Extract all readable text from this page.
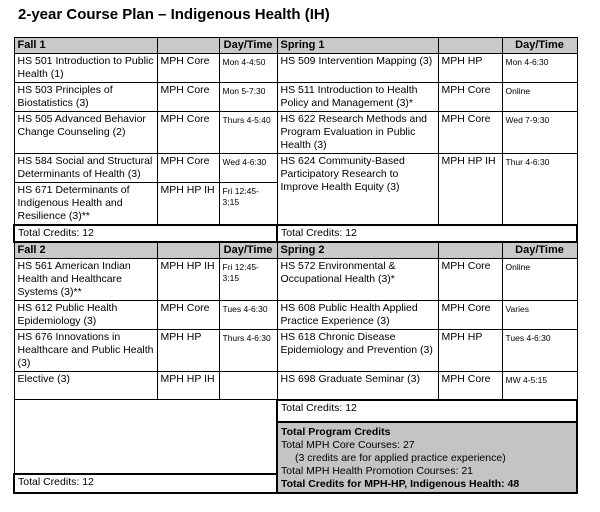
2-year Course Plan – Indigenous Health (IH)
Fall 1		Day/Time	Spring 1		Day/Time
HS 501 Introduction to Public Health (1)	MPH Core	Mon 4-4:50	HS 509 Intervention Mapping (3)	MPH HP	Mon 4-6:30
HS 503 Principles of Biostatistics (3)	MPH Core	Mon 5-7:30	HS 511 Introduction to Health Policy and Management (3)*	MPH Core	Online
HS 505 Advanced Behavior Change Counseling (2)	MPH Core	Thurs 4-5:40	HS 622 Research Methods and Program Evaluation in Public Health (3)	MPH Core	Wed 7-9:30
HS 584 Social and Structural Determinants of Health (3)	MPH Core	Wed 4-6:30	HS 624 Community-Based Participatory Research to Improve Health Equity (3)	MPH HP IH	Thur 4-6:30
HS 671 Determinants of Indigenous Health and Resilience (3)**	MPH HP IH	Fri 12:45-3:15			
Total Credits: 12			Total Credits: 12		
Fall 2		Day/Time	Spring 2		Day/Time
HS 561 American Indian Health and Healthcare Systems (3)**	MPH HP IH	Fri 12:45-3:15	HS 572 Environmental & Occupational Health (3)*	MPH Core	Online
HS 612 Public Health Epidemiology (3)	MPH Core	Tues 4-6:30	HS 608 Public Health Applied Practice Experience (3)	MPH Core	Varies
HS 676 Innovations in Healthcare and Public Health (3)	MPH HP	Thurs 4-6:30	HS 618 Chronic Disease Epidemiology and Prevention (3)	MPH HP	Tues 4-6:30
Elective (3)	MPH HP IH		HS 698 Graduate Seminar (3)	MPH Core	MW 4-5:15
			Total Credits: 12		

			Total Program Credits
Total MPH Core Courses: 27
(3 credits are for applied practice experience)
Total MPH Health Promotion Courses: 21
Total Credits for MPH-HP, Indigenous Health: 48		

Total Credits: 12					
